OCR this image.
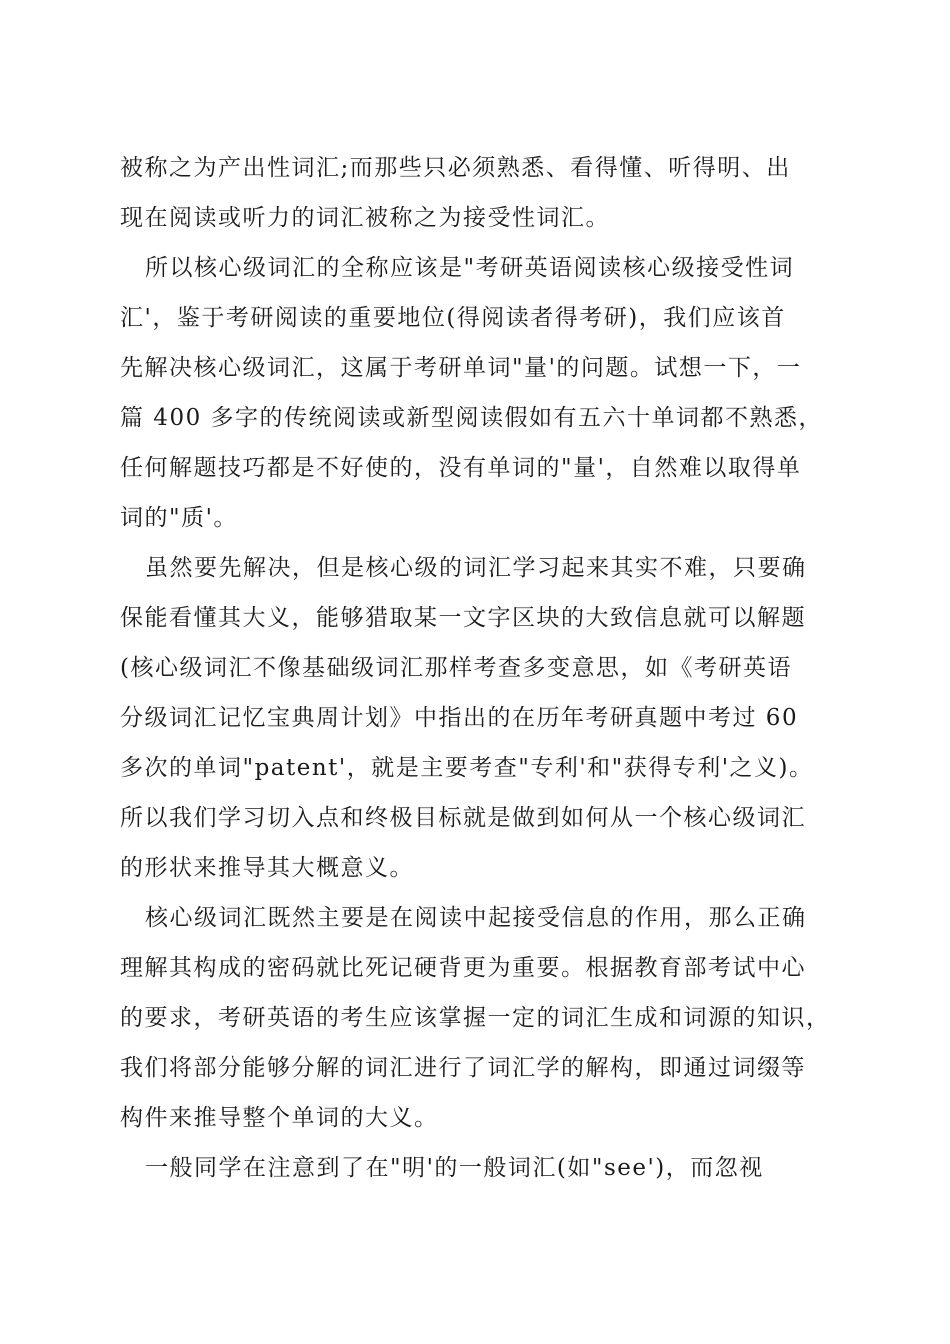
被称之为产出性词汇;而那些只必须熟悉、看得懂、听得明、出
现在阅读或听力的词汇被称之为接受性词汇。
所以核心级词汇的全称应该是"考研英语阅读核心级接受性词
汇'，鉴于考研阅读的重要地位(得阅读者得考研)，我们应该首
先解决核心级词汇，这属于考研单词"量'的问题。试想一下，一
篇 400 多字的传统阅读或新型阅读假如有五六十单词都不熟悉，
任何解题技巧都是不好使的，没有单词的"量'，自然难以取得单
词的"质'。
虽然要先解决，但是核心级的词汇学习起来其实不难，只要确
保能看懂其大义，能够猎取某一文字区块的大致信息就可以解题
(核心级词汇不像基础级词汇那样考查多变意思，如《考研英语
分级词汇记忆宝典周计划》中指出的在历年考研真题中考过 60
多次的单词"patent'，就是主要考查"专利'和"获得专利'之义)。
所以我们学习切入点和终极目标就是做到如何从一个核心级词汇
的形状来推导其大概意义。
核心级词汇既然主要是在阅读中起接受信息的作用，那么正确
理解其构成的密码就比死记硬背更为重要。根据教育部考试中心
的要求，考研英语的考生应该掌握一定的词汇生成和词源的知识，
我们将部分能够分解的词汇进行了词汇学的解构，即通过词缀等
构件来推导整个单词的大义。
一般同学在注意到了在"明'的一般词汇(如"see')，而忽视
